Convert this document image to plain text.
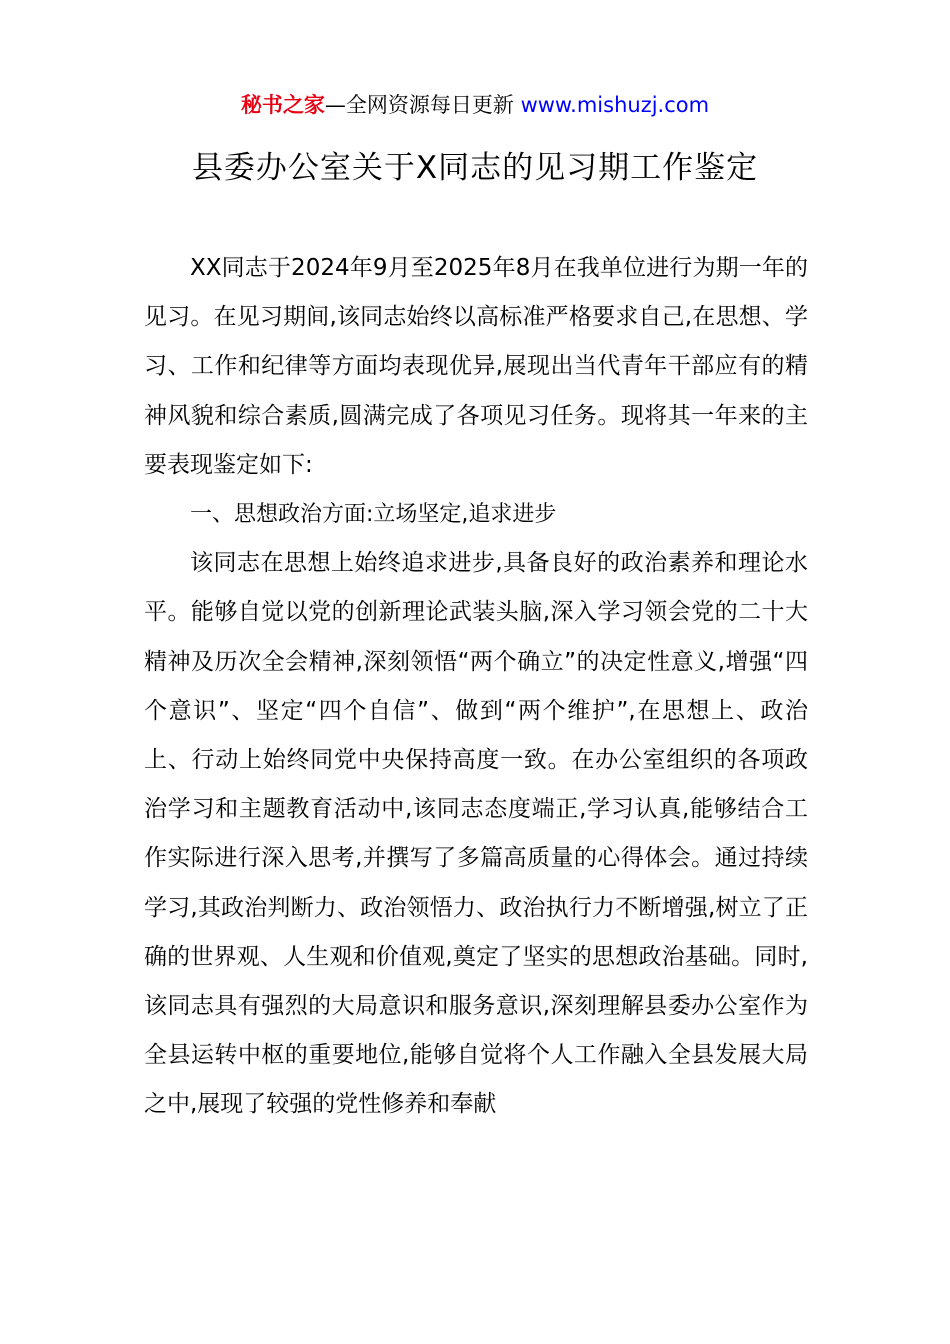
秘书之家—全网资源每日更新 www.mishuzj.com
县委办公室关于X同志的见习期工作鉴定

XX同志于2024年9月至2025年8月在我单位进行为期一年的见习。在见习期间,该同志始终以高标准严格要求自己,在思想、学习、工作和纪律等方面均表现优异,展现出当代青年干部应有的精神风貌和综合素质,圆满完成了各项见习任务。现将其一年来的主要表现鉴定如下:

一、思想政治方面:立场坚定,追求进步

该同志在思想上始终追求进步,具备良好的政治素养和理论水平。能够自觉以党的创新理论武装头脑,深入学习领会党的二十大精神及历次全会精神,深刻领悟“两个确立”的决定性意义,增强“四个意识”、坚定“四个自信”、做到“两个维护”,在思想上、政治上、行动上始终同党中央保持高度一致。在办公室组织的各项政治学习和主题教育活动中,该同志态度端正,学习认真,能够结合工作实际进行深入思考,并撰写了多篇高质量的心得体会。通过持续学习,其政治判断力、政治领悟力、政治执行力不断增强,树立了正确的世界观、人生观和价值观,奠定了坚实的思想政治基础。同时,该同志具有强烈的大局意识和服务意识,深刻理解县委办公室作为全县运转中枢的重要地位,能够自觉将个人工作融入全县发展大局之中,展现了较强的党性修养和奉献
